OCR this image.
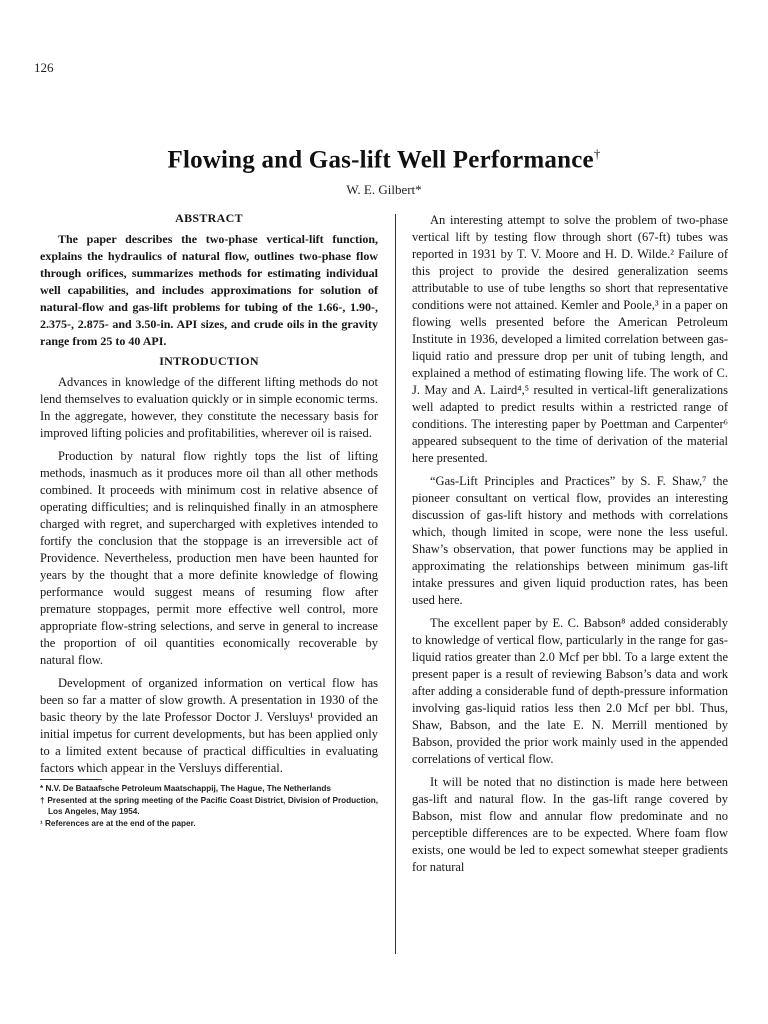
126
Flowing and Gas-lift Well Performance†
W. E. Gilbert*
ABSTRACT

The paper describes the two-phase vertical-lift function, explains the hydraulics of natural flow, outlines two-phase flow through orifices, summarizes methods for estimating individual well capabilities, and includes approximations for solution of natural-flow and gas-lift problems for tubing of the 1.66-, 1.90-, 2.375-, 2.875- and 3.50-in. API sizes, and crude oils in the gravity range from 25 to 40 API.

INTRODUCTION

Advances in knowledge of the different lifting methods do not lend themselves to evaluation quickly or in simple economic terms. In the aggregate, however, they constitute the necessary basis for improved lifting policies and profitabilities, wherever oil is raised.

Production by natural flow rightly tops the list of lifting methods, inasmuch as it produces more oil than all other methods combined. It proceeds with minimum cost in relative absence of operating difficulties; and is relinquished finally in an atmosphere charged with regret, and supercharged with expletives intended to fortify the conclusion that the stoppage is an irreversible act of Providence. Nevertheless, production men have been haunted for years by the thought that a more definite knowledge of flowing performance would suggest means of resuming flow after premature stoppages, permit more effective well control, more appropriate flow-string selections, and serve in general to increase the proportion of oil quantities economically recoverable by natural flow.

Development of organized information on vertical flow has been so far a matter of slow growth. A presentation in 1930 of the basic theory by the late Professor Doctor J. Versluys¹ provided an initial impetus for current developments, but has been applied only to a limited extent because of practical difficulties in evaluating factors which appear in the Versluys differential.

* N.V. De Bataafsche Petroleum Maatschappij, The Hague, The Netherlands

† Presented at the spring meeting of the Pacific Coast District, Division of Production, Los Angeles, May 1954.

¹ References are at the end of the paper.

An interesting attempt to solve the problem of two-phase vertical lift by testing flow through short (67-ft) tubes was reported in 1931 by T. V. Moore and H. D. Wilde.² Failure of this project to provide the desired generalization seems attributable to use of tube lengths so short that representative conditions were not attained. Kemler and Poole,³ in a paper on flowing wells presented before the American Petroleum Institute in 1936, developed a limited correlation between gas-liquid ratio and pressure drop per unit of tubing length, and explained a method of estimating flowing life. The work of C. J. May and A. Laird⁴,⁵ resulted in vertical-lift generalizations well adapted to predict results within a restricted range of conditions. The interesting paper by Poettman and Carpenter⁶ appeared subsequent to the time of derivation of the material here presented.

“Gas-Lift Principles and Practices” by S. F. Shaw,⁷ the pioneer consultant on vertical flow, provides an interesting discussion of gas-lift history and methods with correlations which, though limited in scope, were none the less useful. Shaw’s observation, that power functions may be applied in approximating the relationships between minimum gas-lift intake pressures and given liquid production rates, has been used here.

The excellent paper by E. C. Babson⁸ added considerably to knowledge of vertical flow, particularly in the range for gas-liquid ratios greater than 2.0 Mcf per bbl. To a large extent the present paper is a result of reviewing Babson’s data and work after adding a considerable fund of depth-pressure information involving gas-liquid ratios less then 2.0 Mcf per bbl. Thus, Shaw, Babson, and the late E. N. Merrill mentioned by Babson, provided the prior work mainly used in the appended correlations of vertical flow.

It will be noted that no distinction is made here between gas-lift and natural flow. In the gas-lift range covered by Babson, mist flow and annular flow predominate and no perceptible differences are to be expected. Where foam flow exists, one would be led to expect somewhat steeper gradients for natural
